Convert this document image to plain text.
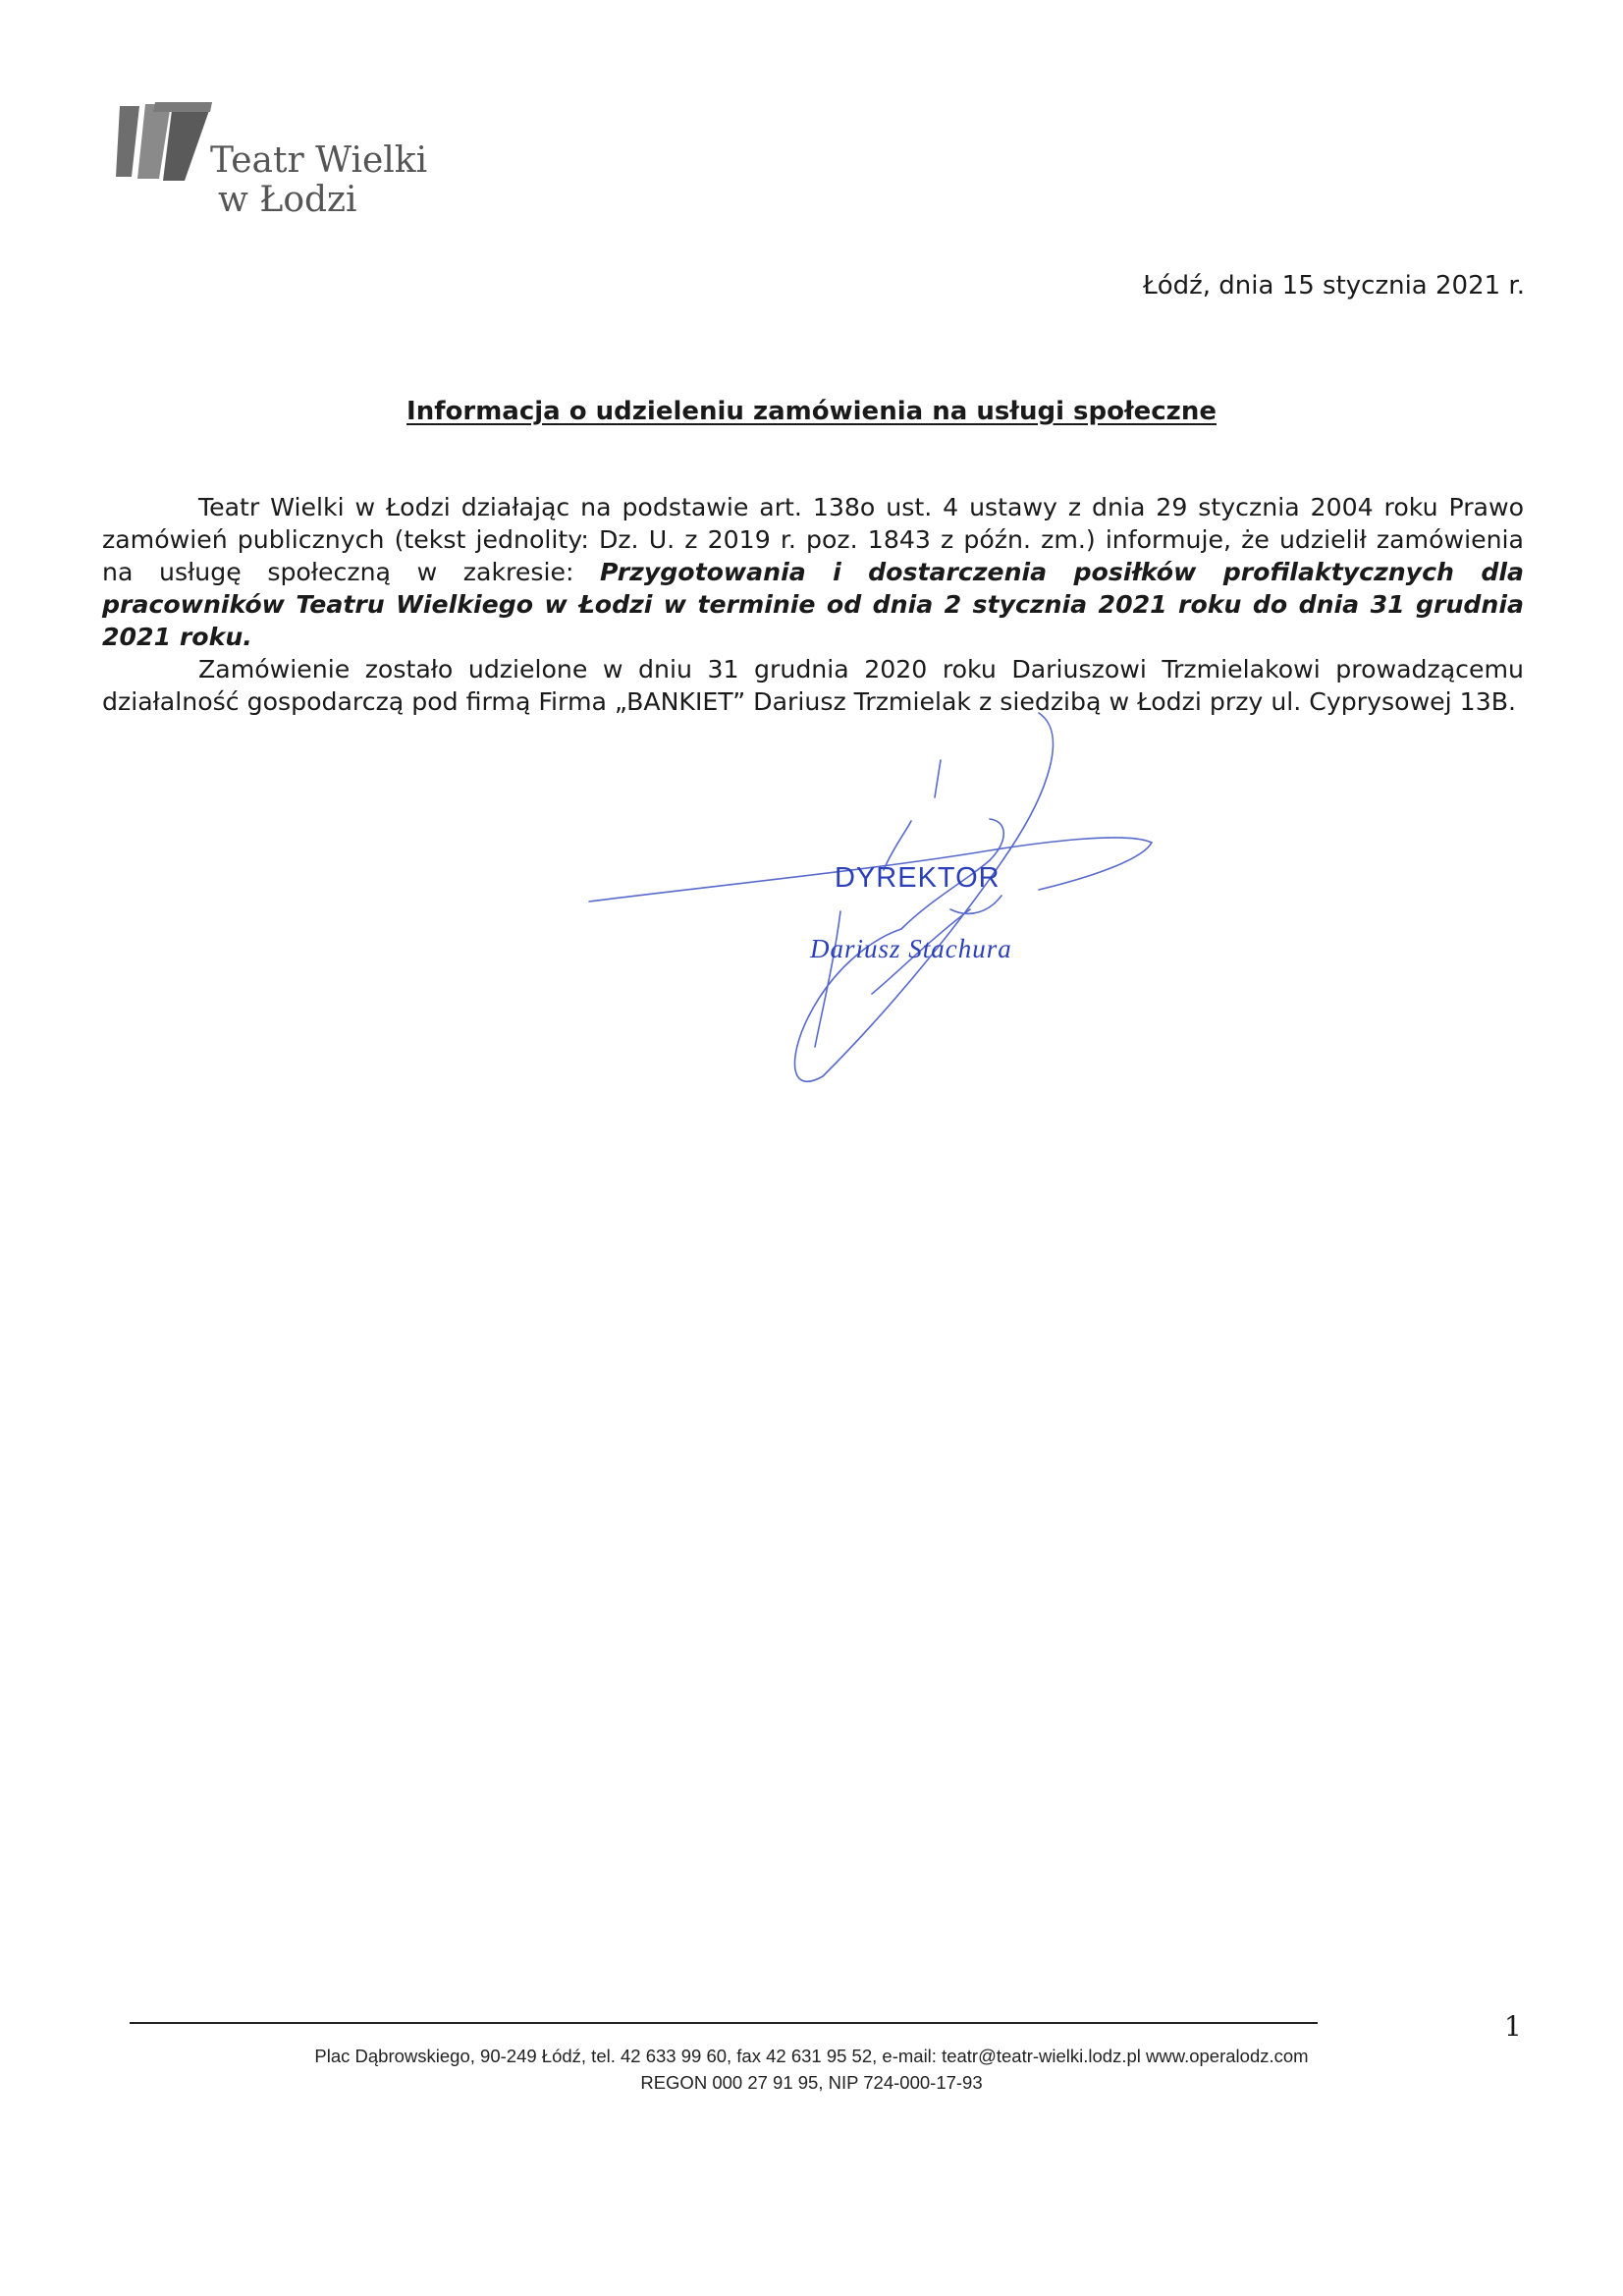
Teatr Wielki
w Łodzi
Łódź, dnia 15 stycznia 2021 r.
Informacja o udzieleniu zamówienia na usługi społeczne

Teatr Wielki w Łodzi działając na podstawie art. 138o ust. 4 ustawy z dnia 29 stycznia 2004 roku Prawo zamówień publicznych (tekst jednolity: Dz. U. z 2019 r. poz. 1843 z późn. zm.) informuje, że udzielił zamówienia na usługę społeczną w zakresie: Przygotowania i dostarczenia posiłków profilaktycznych dla pracowników Teatru Wielkiego w Łodzi w terminie od dnia 2 stycznia 2021 roku do dnia 31 grudnia 2021 roku.

Zamówienie zostało udzielone w dniu 31 grudnia 2020 roku Dariuszowi Trzmielakowi prowadzącemu działalność gospodarczą pod firmą Firma „BANKIET” Dariusz Trzmielak z siedzibą w Łodzi przy ul. Cyprysowej 13B.

DYREKTOR
Dariusz Stachura
1
Plac Dąbrowskiego, 90-249 Łódź, tel. 42 633 99 60, fax 42 631 95 52, e-mail: teatr@teatr-wielki.lodz.pl www.operalodz.com
REGON 000 27 91 95, NIP 724-000-17-93
